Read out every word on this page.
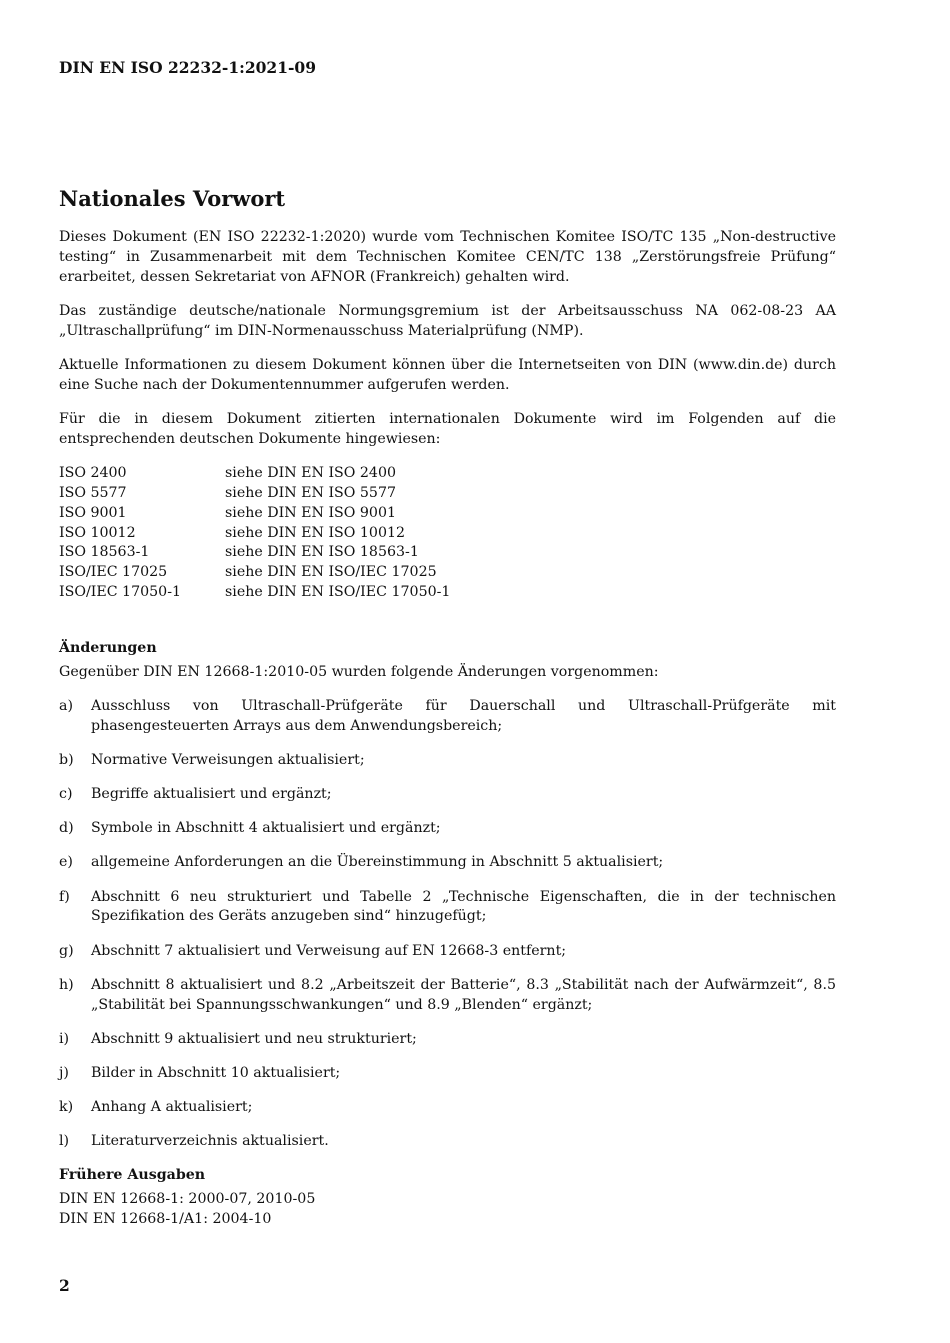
DIN EN ISO 22232-1:2021-09
Nationales Vorwort

Dieses Dokument (EN ISO 22232-1:2020) wurde vom Technischen Komitee ISO/TC 135 „Non-destructive testing“ in Zusammenarbeit mit dem Technischen Komitee CEN/TC 138 „Zerstörungsfreie Prüfung“ erarbeitet, dessen Sekretariat von AFNOR (Frankreich) gehalten wird.

Das zuständige deutsche/nationale Normungsgremium ist der Arbeitsausschuss NA 062-08-23 AA „Ultraschallprüfung“ im DIN-Normenausschuss Materialprüfung (NMP).

Aktuelle Informationen zu diesem Dokument können über die Internetseiten von DIN (www.din.de) durch eine Suche nach der Dokumentennummer aufgerufen werden.

Für die in diesem Dokument zitierten internationalen Dokumente wird im Folgenden auf die entsprechenden deutschen Dokumente hingewiesen:

ISO 2400	siehe DIN EN ISO 2400
ISO 5577	siehe DIN EN ISO 5577
ISO 9001	siehe DIN EN ISO 9001
ISO 10012	siehe DIN EN ISO 10012
ISO 18563-1	siehe DIN EN ISO 18563-1
ISO/IEC 17025	siehe DIN EN ISO/IEC 17025
ISO/IEC 17050-1	siehe DIN EN ISO/IEC 17050-1
Änderungen

Gegenüber DIN EN 12668-1:2010-05 wurden folgende Änderungen vorgenommen:

a)	Ausschluss von Ultraschall-Prüfgeräte für Dauerschall und Ultraschall-Prüfgeräte mit phasengesteuerten Arrays aus dem Anwendungsbereich;
b)	Normative Verweisungen aktualisiert;
c)	Begriffe aktualisiert und ergänzt;
d)	Symbole in Abschnitt 4 aktualisiert und ergänzt;
e)	allgemeine Anforderungen an die Übereinstimmung in Abschnitt 5 aktualisiert;
f)	Abschnitt 6 neu strukturiert und Tabelle 2 „Technische Eigenschaften, die in der technischen Spezifikation des Geräts anzugeben sind“ hinzugefügt;
g)	Abschnitt 7 aktualisiert und Verweisung auf EN 12668-3 entfernt;
h)	Abschnitt 8 aktualisiert und 8.2 „Arbeitszeit der Batterie“, 8.3 „Stabilität nach der Aufwärmzeit“, 8.5 „Stabilität bei Spannungsschwankungen“ und 8.9 „Blenden“ ergänzt;
i)	Abschnitt 9 aktualisiert und neu strukturiert;
j)	Bilder in Abschnitt 10 aktualisiert;
k)	Anhang A aktualisiert;
l)	Literaturverzeichnis aktualisiert.
Frühere Ausgaben
DIN EN 12668-1: 2000-07, 2010-05
DIN EN 12668-1/A1: 2004-10
2
